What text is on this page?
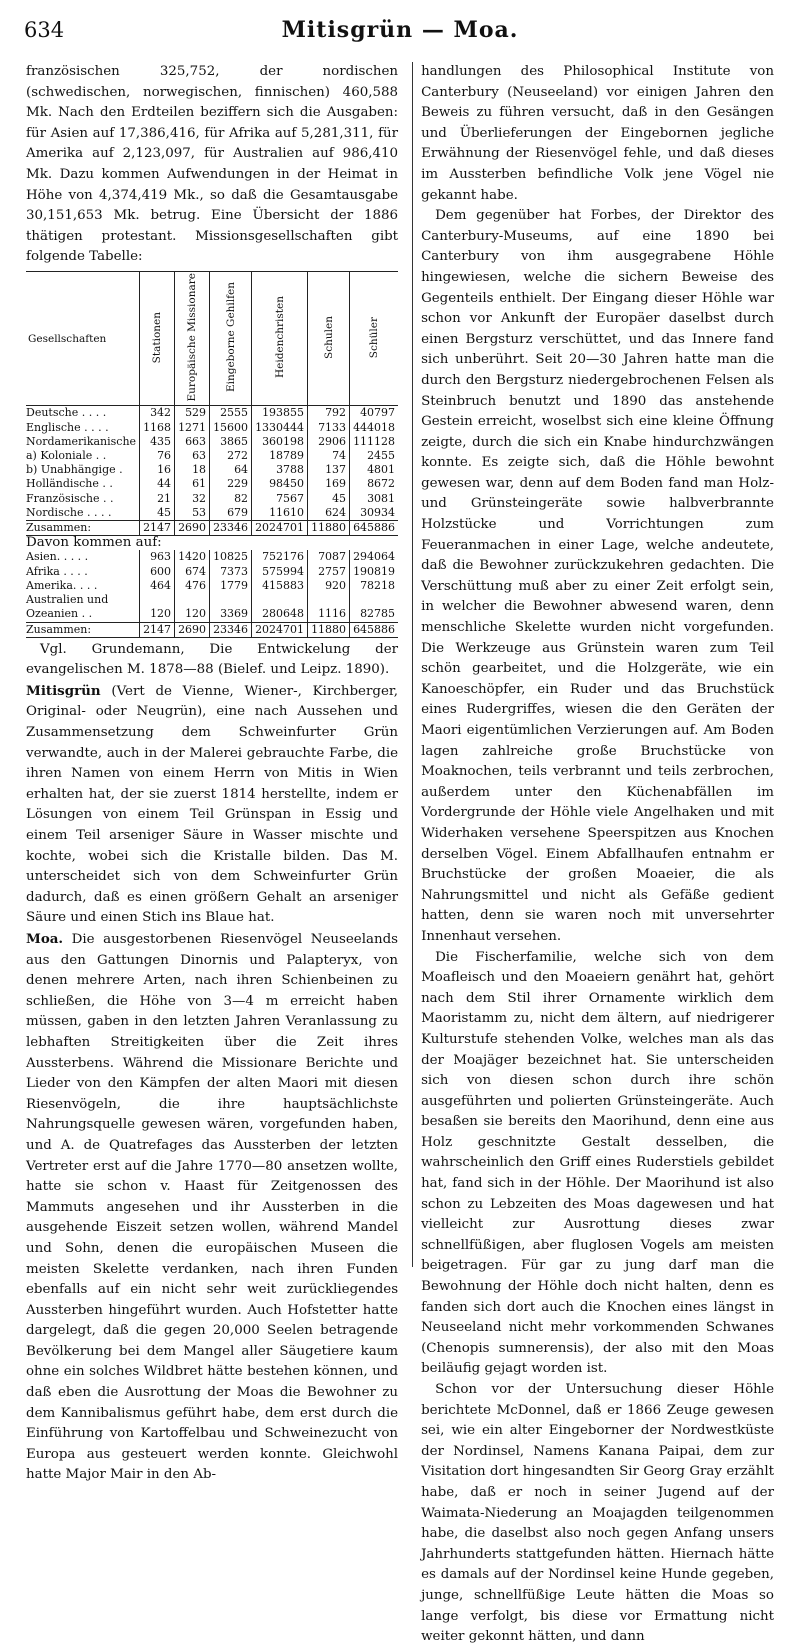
634	Mitisgrün — Moa.

französischen 325,752, der nordischen (schwedischen, norwegischen, finnischen) 460,588 Mk. Nach den Erdteilen beziffern sich die Ausgaben: für Asien auf 17,386,416, für Afrika auf 5,281,311, für Amerika auf 2,123,097, für Australien auf 986,410 Mk. Dazu kommen Aufwendungen in der Heimat in Höhe von 4,374,419 Mk., so daß die Gesamtausgabe 30,151,653 Mk. betrug. Eine Übersicht der 1886 thätigen protestant. Missionsgesellschaften gibt folgende Tabelle:

Gesellschaften	Stationen	Europäische Missionare	Eingeborne Gehilfen	Heidenchristen	Schulen	Schüler
Deutsche . . . .	342	529	2555	193855	792	40797
Englische . . . .	1168	1271	15600	1330444	7133	444018
Nordamerikanische	435	663	3865	360198	2906	111128
a) Koloniale . .	76	63	272	18789	74	2455
b) Unabhängige .	16	18	64	3788	137	4801
Holländische . .	44	61	229	98450	169	8672
Französische . .	21	32	82	7567	45	3081
Nordische . . . .	45	53	679	11610	624	30934
Zusammen:	2147	2690	23346	2024701	11880	645886
Davon kommen auf:						
Asien. . . . .	963	1420	10825	752176	7087	294064
Afrika . . . .	600	674	7373	575994	2757	190819
Amerika. . . .	464	476	1779	415883	920	78218
Australien und						
Ozeanien . .	120	120	3369	280648	1116	82785
Zusammen:	2147	2690	23346	2024701	11880	645886

Vgl. Grundemann, Die Entwickelung der evangelischen M. 1878—88 (Bielef. und Leipz. 1890).

Mitisgrün (Vert de Vienne, Wiener-, Kirchberger, Original- oder Neugrün), eine nach Aussehen und Zusammensetzung dem Schweinfurter Grün verwandte, auch in der Malerei gebrauchte Farbe, die ihren Namen von einem Herrn von Mitis in Wien erhalten hat, der sie zuerst 1814 herstellte, indem er Lösungen von einem Teil Grünspan in Essig und einem Teil arseniger Säure in Wasser mischte und kochte, wobei sich die Kristalle bilden. Das M. unterscheidet sich von dem Schweinfurter Grün dadurch, daß es einen größern Gehalt an arseniger Säure und einen Stich ins Blaue hat.

Moa. Die ausgestorbenen Riesenvögel Neuseelands aus den Gattungen Dinornis und Palapteryx, von denen mehrere Arten, nach ihren Schienbeinen zu schließen, die Höhe von 3—4 m erreicht haben müssen, gaben in den letzten Jahren Veranlassung zu lebhaften Streitigkeiten über die Zeit ihres Aussterbens. Während die Missionare Berichte und Lieder von den Kämpfen der alten Maori mit diesen Riesenvögeln, die ihre hauptsächlichste Nahrungsquelle gewesen wären, vorgefunden haben, und A. de Quatrefages das Aussterben der letzten Vertreter erst auf die Jahre 1770—80 ansetzen wollte, hatte sie schon v. Haast für Zeitgenossen des Mammuts angesehen und ihr Aussterben in die ausgehende Eiszeit setzen wollen, während Mandel und Sohn, denen die europäischen Museen die meisten Skelette verdanken, nach ihren Funden ebenfalls auf ein nicht sehr weit zurückliegendes Aussterben hingeführt wurden. Auch Hofstetter hatte dargelegt, daß die gegen 20,000 Seelen betragende Bevölkerung bei dem Mangel aller Säugetiere kaum ohne ein solches Wildbret hätte bestehen können, und daß eben die Ausrottung der Moas die Bewohner zu dem Kannibalismus geführt habe, dem erst durch die Einführung von Kartoffelbau und Schweinezucht von Europa aus gesteuert werden konnte. Gleichwohl hatte Major Mair in den Ab-

handlungen des Philosophical Institute von Canterbury (Neuseeland) vor einigen Jahren den Beweis zu führen versucht, daß in den Gesängen und Überlieferungen der Eingebornen jegliche Erwähnung der Riesenvögel fehle, und daß dieses im Aussterben befindliche Volk jene Vögel nie gekannt habe.

Dem gegenüber hat Forbes, der Direktor des Canterbury-Museums, auf eine 1890 bei Canterbury von ihm ausgegrabene Höhle hingewiesen, welche die sichern Beweise des Gegenteils enthielt. Der Eingang dieser Höhle war schon vor Ankunft der Europäer daselbst durch einen Bergsturz verschüttet, und das Innere fand sich unberührt. Seit 20—30 Jahren hatte man die durch den Bergsturz niedergebrochenen Felsen als Steinbruch benutzt und 1890 das anstehende Gestein erreicht, woselbst sich eine kleine Öffnung zeigte, durch die sich ein Knabe hindurchzwängen konnte. Es zeigte sich, daß die Höhle bewohnt gewesen war, denn auf dem Boden fand man Holz- und Grünsteingeräte sowie halbverbrannte Holzstücke und Vorrichtungen zum Feueranmachen in einer Lage, welche andeutete, daß die Bewohner zurückzukehren gedachten. Die Verschüttung muß aber zu einer Zeit erfolgt sein, in welcher die Bewohner abwesend waren, denn menschliche Skelette wurden nicht vorgefunden. Die Werkzeuge aus Grünstein waren zum Teil schön gearbeitet, und die Holzgeräte, wie ein Kanoeschöpfer, ein Ruder und das Bruchstück eines Rudergriffes, wiesen die den Geräten der Maori eigentümlichen Verzierungen auf. Am Boden lagen zahlreiche große Bruchstücke von Moaknochen, teils verbrannt und teils zerbrochen, außerdem unter den Küchenabfällen im Vordergrunde der Höhle viele Angelhaken und mit Widerhaken versehene Speerspitzen aus Knochen derselben Vögel. Einem Abfallhaufen entnahm er Bruchstücke der großen Moaeier, die als Nahrungsmittel und nicht als Gefäße gedient hatten, denn sie waren noch mit unversehrter Innenhaut versehen.

Die Fischerfamilie, welche sich von dem Moafleisch und den Moaeiern genährt hat, gehört nach dem Stil ihrer Ornamente wirklich dem Maoristamm zu, nicht dem ältern, auf niedrigerer Kulturstufe stehenden Volke, welches man als das der Moajäger bezeichnet hat. Sie unterscheiden sich von diesen schon durch ihre schön ausgeführten und polierten Grünsteingeräte. Auch besaßen sie bereits den Maorihund, denn eine aus Holz geschnitzte Gestalt desselben, die wahrscheinlich den Griff eines Ruderstiels gebildet hat, fand sich in der Höhle. Der Maorihund ist also schon zu Lebzeiten des Moas dagewesen und hat vielleicht zur Ausrottung dieses zwar schnellfüßigen, aber fluglosen Vogels am meisten beigetragen. Für gar zu jung darf man die Bewohnung der Höhle doch nicht halten, denn es fanden sich dort auch die Knochen eines längst in Neuseeland nicht mehr vorkommenden Schwanes (Chenopis sumnerensis), der also mit den Moas beiläufig gejagt worden ist.

Schon vor der Untersuchung dieser Höhle berichtete McDonnel, daß er 1866 Zeuge gewesen sei, wie ein alter Eingeborner der Nordwestküste der Nordinsel, Namens Kanana Paipai, dem zur Visitation dort hingesandten Sir Georg Gray erzählt habe, daß er noch in seiner Jugend auf der Waimata-Niederung an Moajagden teilgenommen habe, die daselbst also noch gegen Anfang unsers Jahrhunderts stattgefunden hätten. Hiernach hätte es damals auf der Nordinsel keine Hunde gegeben, junge, schnellfüßige Leute hätten die Moas so lange verfolgt, bis diese vor Ermattung nicht weiter gekonnt hätten, und dann
